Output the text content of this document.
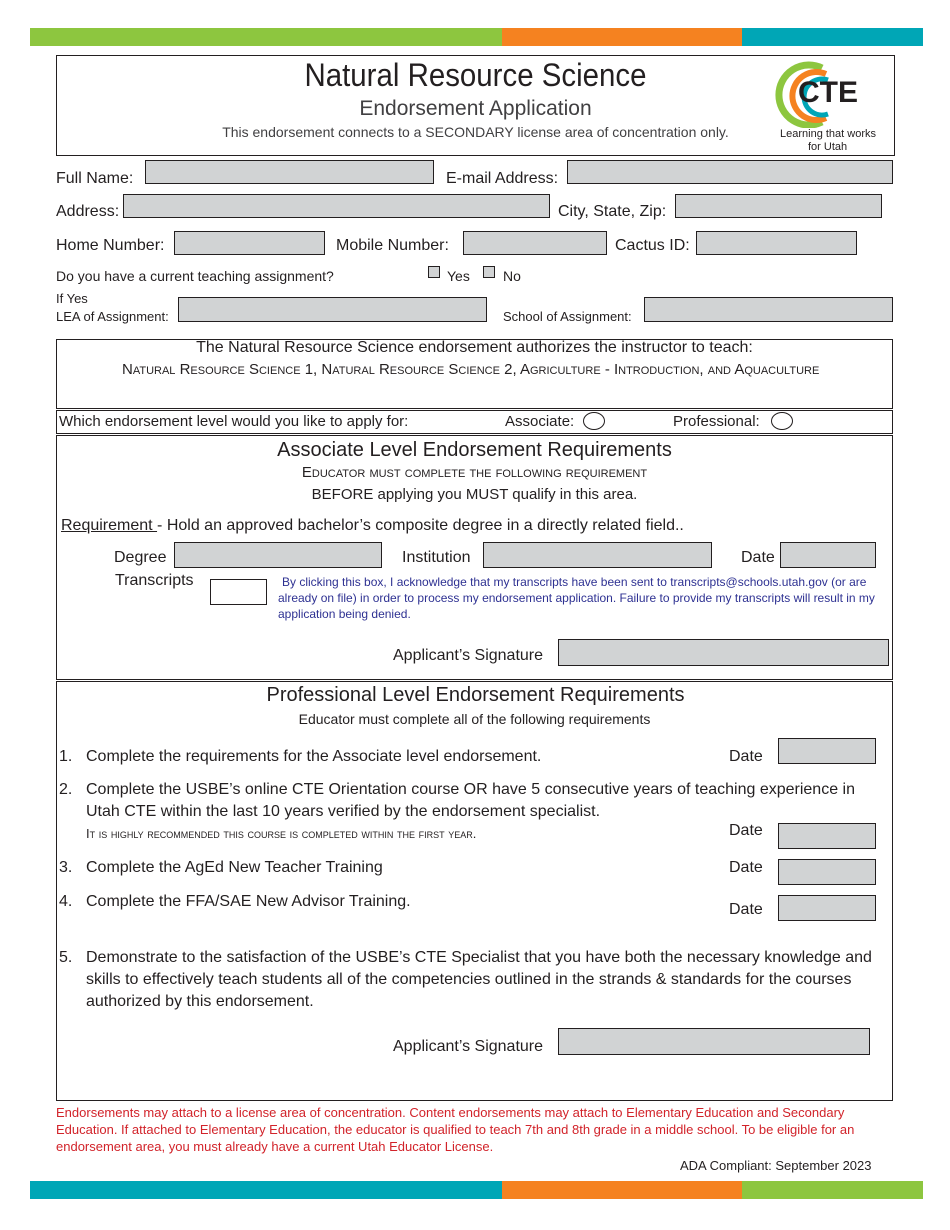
Natural Resource Science
Endorsement Application
This endorsement connects to a SECONDARY license area of concentration only.
CTE
Learning that works
for Utah
Full Name:	E-mail Address:
Address:	City, State, Zip:
Home Number:	Mobile Number:	Cactus ID:
Do you have a current teaching assignment?	Yes No
If Yes
LEA of Assignment:	School of Assignment:
The Natural Resource Science endorsement authorizes the instructor to teach:
Natural Resource Science 1, Natural Resource Science 2, Agriculture - Introduction, and Aquaculture
Which endorsement level would you like to apply for:	Associate:	Professional:
Associate Level Endorsement Requirements
Educator must complete the following requirement
BEFORE applying you MUST qualify in this area.
Requirement - Hold an approved bachelor’s composite degree in a directly related field..
Degree	Institution	Date
Transcripts	By clicking this box, I acknowledge that my transcripts have been sent to transcripts@schools.utah.gov (or are already on file) in order to process my endorsement application. Failure to provide my transcripts will result in my application being denied.
Applicant’s Signature
Professional Level Endorsement Requirements
Educator must complete all of the following requirements
1. Complete the requirements for the Associate level endorsement.	Date
2. Complete the USBE’s online CTE Orientation course OR have 5 consecutive years of teaching experience in Utah CTE within the last 10 years verified by the endorsement specialist.
It is highly recommended this course is completed within the first year.	Date
3. Complete the AgEd New Teacher Training	Date
4. Complete the FFA/SAE New Advisor Training.	Date
5. Demonstrate to the satisfaction of the USBE’s CTE Specialist that you have both the necessary knowledge and skills to effectively teach students all of the competencies outlined in the strands & standards for the courses authorized by this endorsement.
Applicant’s Signature
Endorsements may attach to a license area of concentration. Content endorsements may attach to Elementary Education and Secondary Education. If attached to Elementary Education, the educator is qualified to teach 7th and 8th grade in a middle school. To be eligible for an endorsement area, you must already have a current Utah Educator License.
ADA Compliant: September 2023
